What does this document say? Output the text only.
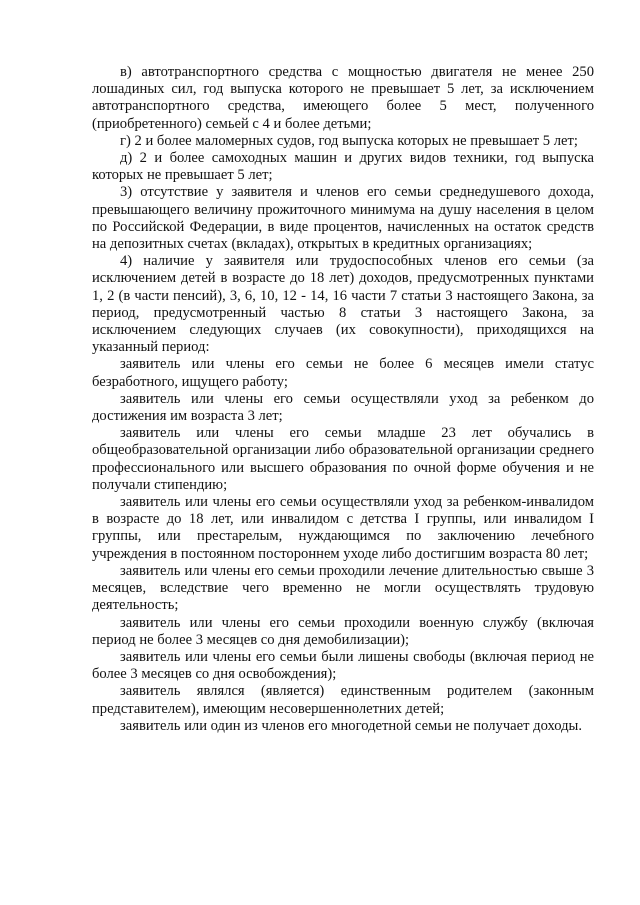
в) автотранспортного средства с мощностью двигателя не менее 250 лошадиных сил, год выпуска которого не превышает 5 лет, за исключением автотранспортного средства, имеющего более 5 мест, полученного (приобретенного) семьей с 4 и более детьми;

г) 2 и более маломерных судов, год выпуска которых не превышает 5 лет;

д) 2 и более самоходных машин и других видов техники, год выпуска которых не превышает 5 лет;

3) отсутствие у заявителя и членов его семьи среднедушевого дохода, превышающего величину прожиточного минимума на душу населения в целом по Российской Федерации, в виде процентов, начисленных на остаток средств на депозитных счетах (вкладах), открытых в кредитных организациях;

4) наличие у заявителя или трудоспособных членов его семьи (за исключением детей в возрасте до 18 лет) доходов, предусмотренных пунктами 1, 2 (в части пенсий), 3, 6, 10, 12 - 14, 16 части 7 статьи 3 настоящего Закона, за период, предусмотренный частью 8 статьи 3 настоящего Закона, за исключением следующих случаев (их совокупности), приходящихся на указанный период:

заявитель или члены его семьи не более 6 месяцев имели статус безработного, ищущего работу;

заявитель или члены его семьи осуществляли уход за ребенком до достижения им возраста 3 лет;

заявитель или члены его семьи младше 23 лет обучались в общеобразовательной организации либо образовательной организации среднего профессионального или высшего образования по очной форме обучения и не получали стипендию;

заявитель или члены его семьи осуществляли уход за ребенком-инвалидом в возрасте до 18 лет, или инвалидом с детства I группы, или инвалидом I группы, или престарелым, нуждающимся по заключению лечебного учреждения в постоянном постороннем уходе либо достигшим возраста 80 лет;

заявитель или члены его семьи проходили лечение длительностью свыше 3 месяцев, вследствие чего временно не могли осуществлять трудовую деятельность;

заявитель или члены его семьи проходили военную службу (включая период не более 3 месяцев со дня демобилизации);

заявитель или члены его семьи были лишены свободы (включая период не более 3 месяцев со дня освобождения);

заявитель являлся (является) единственным родителем (законным представителем), имеющим несовершеннолетних детей;

заявитель или один из членов его многодетной семьи не получает доходы.
